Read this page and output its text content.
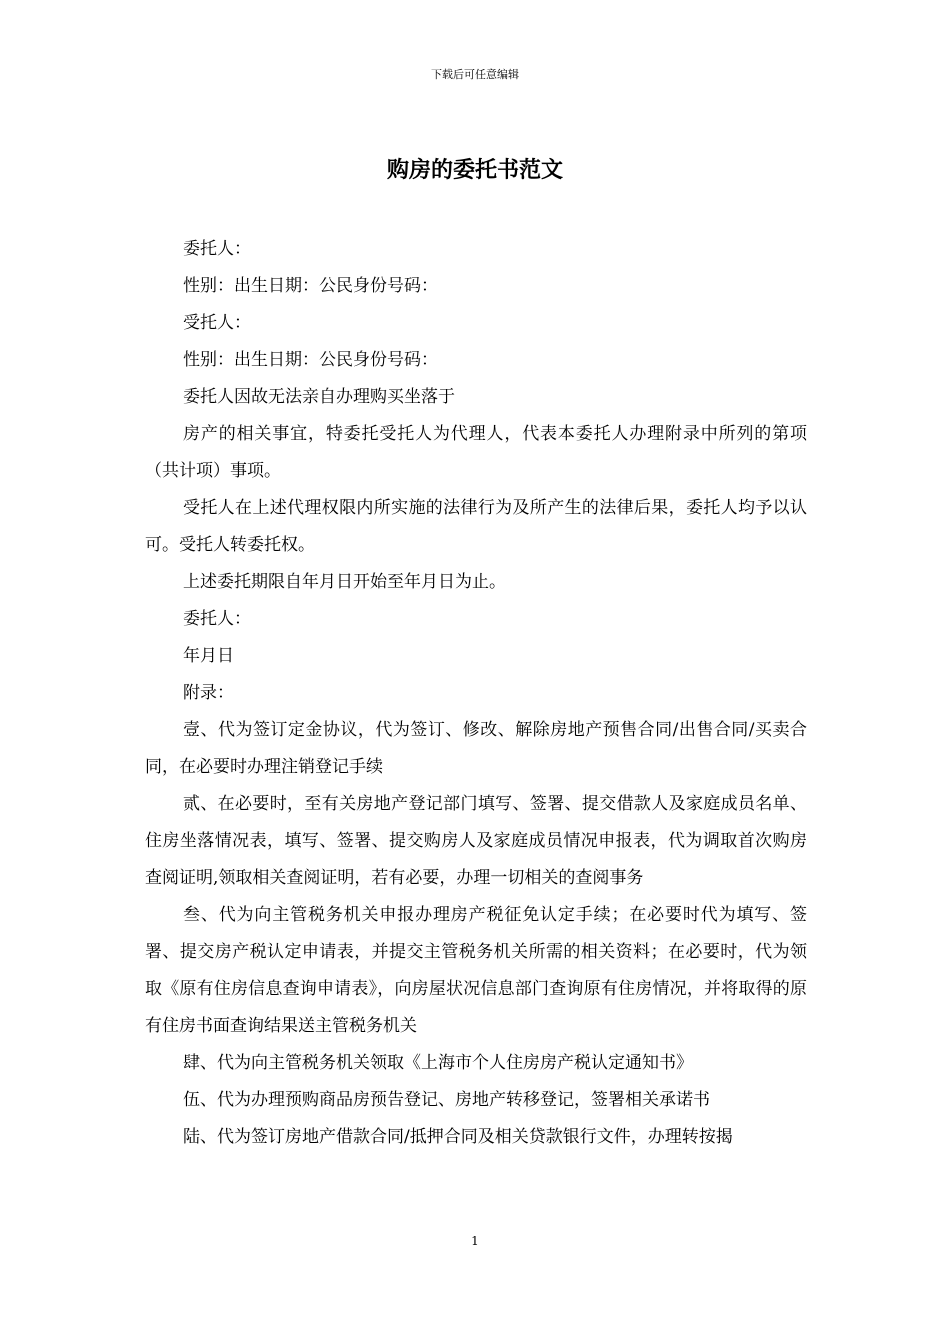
下载后可任意编辑
购房的委托书范文

委托人：

性别：出生日期：公民身份号码：

受托人：

性别：出生日期：公民身份号码：

委托人因故无法亲自办理购买坐落于

房产的相关事宜，特委托受托人为代理人，代表本委托人办理附录中所列的第项（共计项）事项。

受托人在上述代理权限内所实施的法律行为及所产生的法律后果，委托人均予以认可。受托人转委托权。

上述委托期限自年月日开始至年月日为止。

委托人：

年月日

附录：

壹、代为签订定金协议，代为签订、修改、解除房地产预售合同/出售合同/买卖合同，在必要时办理注销登记手续

贰、在必要时，至有关房地产登记部门填写、签署、提交借款人及家庭成员名单、住房坐落情况表，填写、签署、提交购房人及家庭成员情况申报表，代为调取首次购房查阅证明,领取相关查阅证明，若有必要，办理一切相关的查阅事务

叁、代为向主管税务机关申报办理房产税征免认定手续；在必要时代为填写、签署、提交房产税认定申请表，并提交主管税务机关所需的相关资料；在必要时，代为领取《原有住房信息查询申请表》，向房屋状况信息部门查询原有住房情况，并将取得的原有住房书面查询结果送主管税务机关

肆、代为向主管税务机关领取《上海市个人住房房产税认定通知书》

伍、代为办理预购商品房预告登记、房地产转移登记，签署相关承诺书

陆、代为签订房地产借款合同/抵押合同及相关贷款银行文件，办理转按揭

1
